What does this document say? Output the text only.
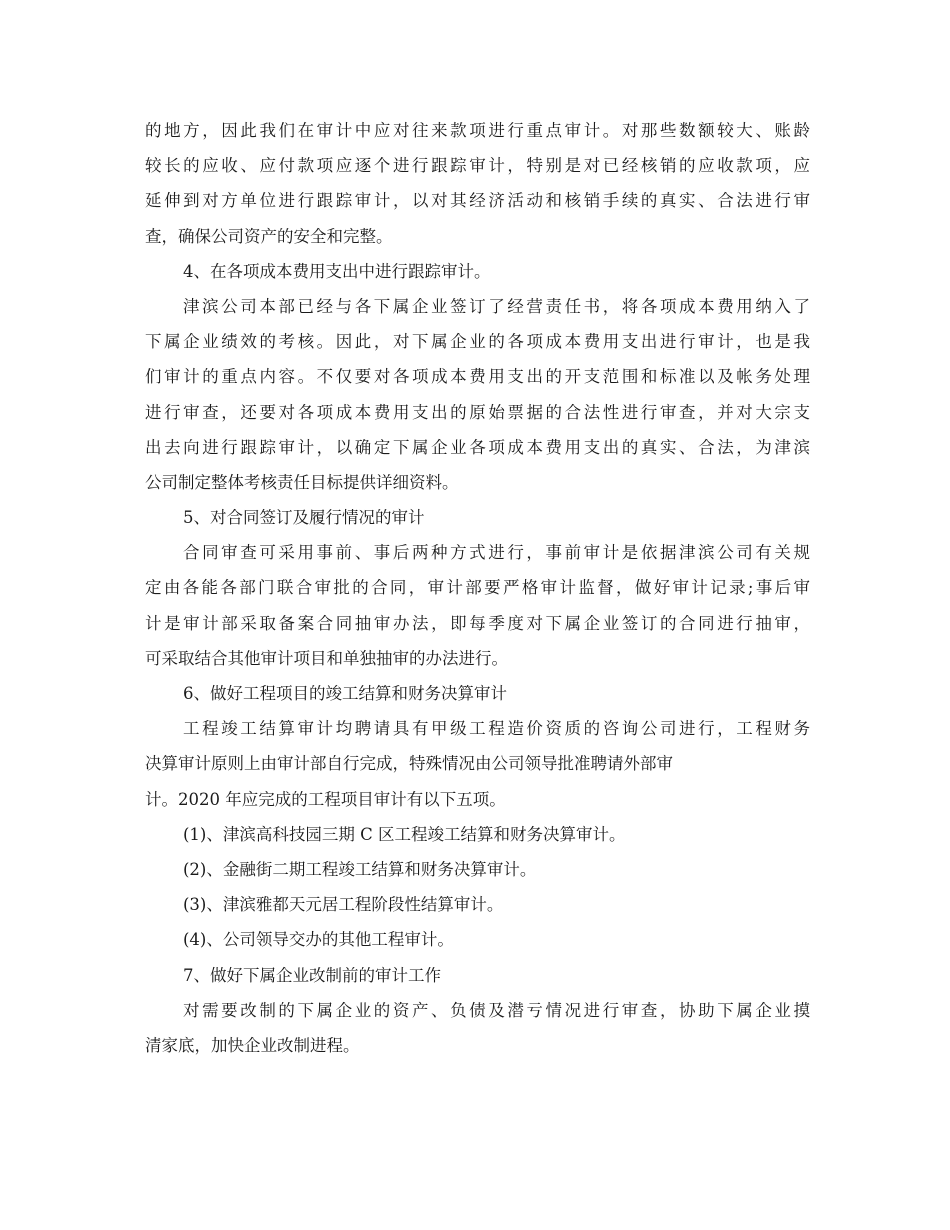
的地方，因此我们在审计中应对往来款项进行重点审计。对那些数额较大、账龄
较长的应收、应付款项应逐个进行跟踪审计，特别是对已经核销的应收款项，应
延伸到对方单位进行跟踪审计，以对其经济活动和核销手续的真实、合法进行审
查，确保公司资产的安全和完整。
4、在各项成本费用支出中进行跟踪审计。
津滨公司本部已经与各下属企业签订了经营责任书，将各项成本费用纳入了
下属企业绩效的考核。因此，对下属企业的各项成本费用支出进行审计，也是我
们审计的重点内容。不仅要对各项成本费用支出的开支范围和标准以及帐务处理
进行审查，还要对各项成本费用支出的原始票据的合法性进行审查，并对大宗支
出去向进行跟踪审计，以确定下属企业各项成本费用支出的真实、合法，为津滨
公司制定整体考核责任目标提供详细资料。
5、对合同签订及履行情况的审计
合同审查可采用事前、事后两种方式进行，事前审计是依据津滨公司有关规
定由各能各部门联合审批的合同，审计部要严格审计监督，做好审计记录;事后审
计是审计部采取备案合同抽审办法，即每季度对下属企业签订的合同进行抽审，
可采取结合其他审计项目和单独抽审的办法进行。
6、做好工程项目的竣工结算和财务决算审计
工程竣工结算审计均聘请具有甲级工程造价资质的咨询公司进行，工程财务
决算审计原则上由审计部自行完成，特殊情况由公司领导批准聘请外部审
计。2020 年应完成的工程项目审计有以下五项。
(1)、津滨高科技园三期 C 区工程竣工结算和财务决算审计。
(2)、金融街二期工程竣工结算和财务决算审计。
(3)、津滨雅都天元居工程阶段性结算审计。
(4)、公司领导交办的其他工程审计。
7、做好下属企业改制前的审计工作
对需要改制的下属企业的资产、负债及潜亏情况进行审查，协助下属企业摸
清家底，加快企业改制进程。
